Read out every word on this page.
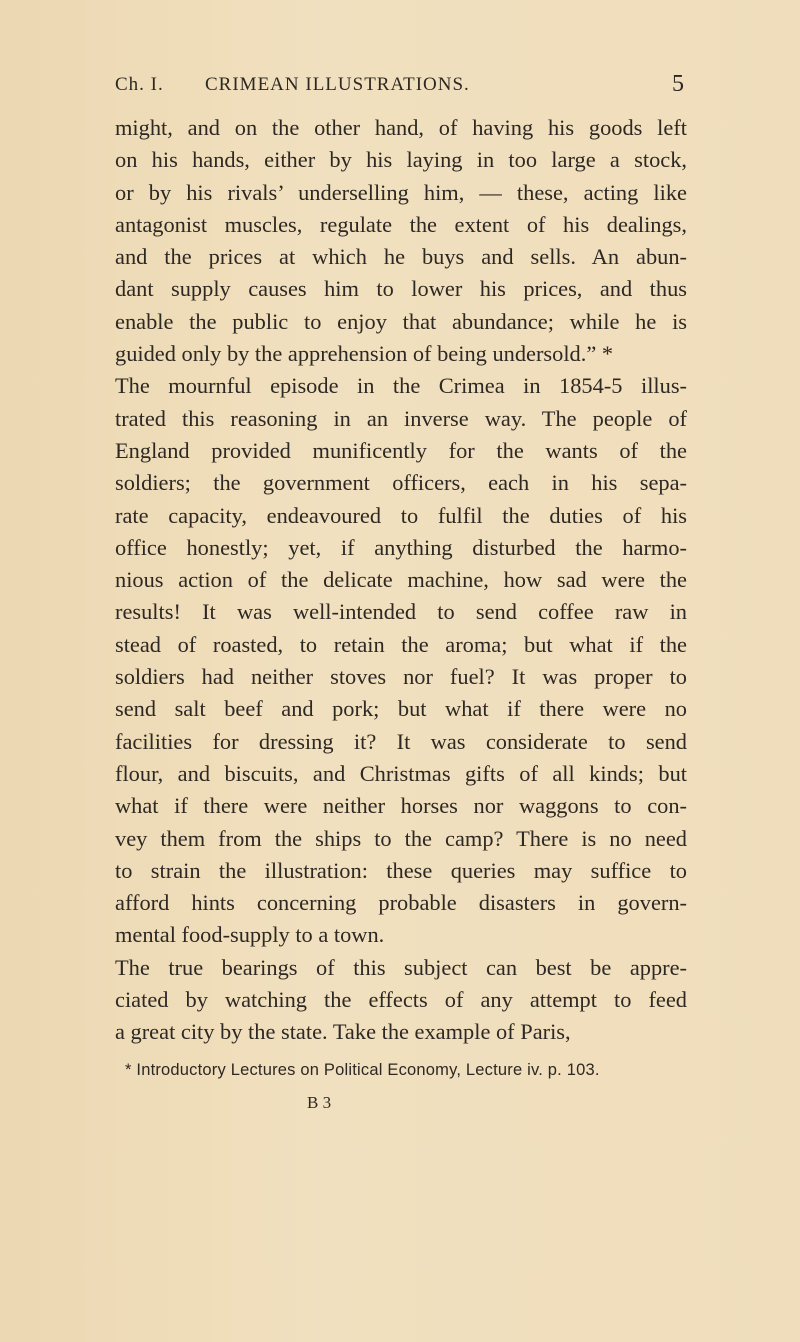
Ch. I. CRIMEAN ILLUSTRATIONS.	5
might, and on the other hand, of having his goods left
on his hands, either by his laying in too large a stock,
or by his rivals’ underselling him, — these, acting like
antagonist muscles, regulate the extent of his dealings,
and the prices at which he buys and sells. An abun-
dant supply causes him to lower his prices, and thus
enable the public to enjoy that abundance; while he is
guided only by the apprehension of being undersold.” *
The mournful episode in the Crimea in 1854-5 illus-
trated this reasoning in an inverse way. The people of
England provided munificently for the wants of the
soldiers; the government officers, each in his sepa-
rate capacity, endeavoured to fulfil the duties of his
office honestly; yet, if anything disturbed the harmo-
nious action of the delicate machine, how sad were the
results! It was well-intended to send coffee raw in
stead of roasted, to retain the aroma; but what if the
soldiers had neither stoves nor fuel? It was proper to
send salt beef and pork; but what if there were no
facilities for dressing it? It was considerate to send
flour, and biscuits, and Christmas gifts of all kinds; but
what if there were neither horses nor waggons to con-
vey them from the ships to the camp? There is no need
to strain the illustration: these queries may suffice to
afford hints concerning probable disasters in govern-
mental food-supply to a town.
The true bearings of this subject can best be appre-
ciated by watching the effects of any attempt to feed
a great city by the state. Take the example of Paris,
* Introductory Lectures on Political Economy, Lecture iv. p. 103.
B 3
